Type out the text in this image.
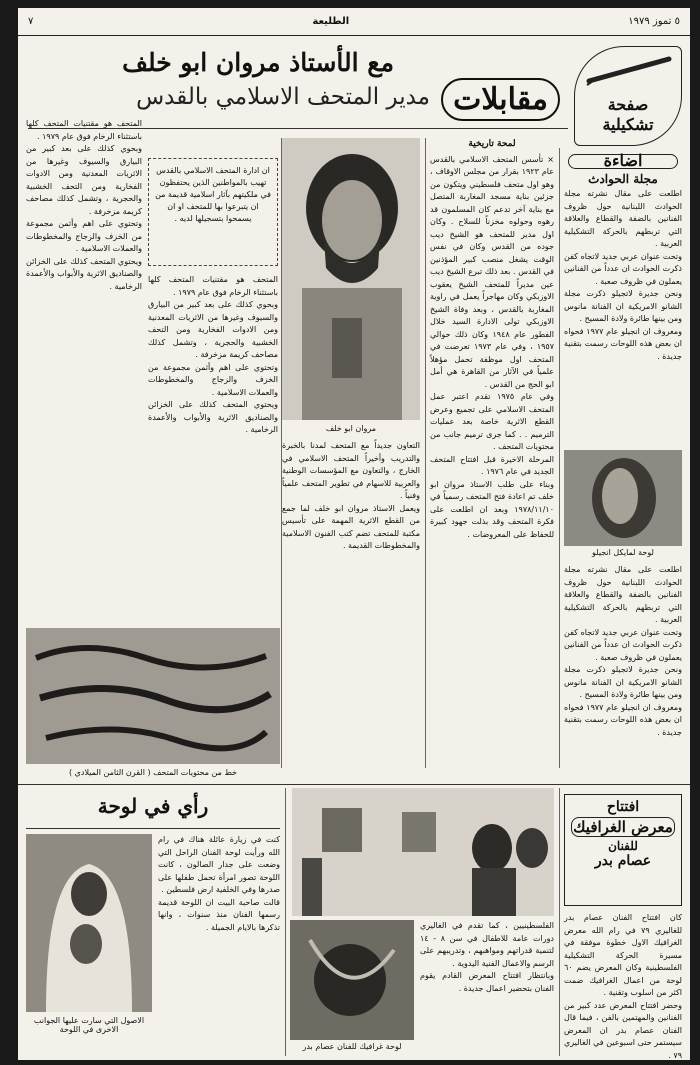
٥ تموز ١٩٧٩
الطليعة
٧
صفحة
تشكيلية
مع الأستاذ مروان ابو خلف
مدير المتحف الاسلامي بالقدس مقابلات
اضاءة
مجلة الحوادث
اطلعت على مقال نشرته مجلة الحوادث اللبنانية حول ظروف الفنانين بالضفة والقطاع والعلاقة التي تربطهم بالحركة التشكيلية العربية .
وتحت عنوان عربي جديد لاتجاه كفن ذكرت الحوادث ان عدداً من الفنانين يعملون في ظروف صعبة .
ونحن جديرة لاتجيلو ذكرت مجلة الشانو الامريكية ان الفنانة مانوس ومن بينها طائرة ولادة المسيح .
ومعروف ان انجيلو عام ١٩٧٧ فحواه ان بعض هذه اللوحات رسمت بتقنية جديدة .
لوحة لمايكل انجيلو
اطلعت على مقال نشرته مجلة الحوادث اللبنانية حول ظروف الفنانين بالضفة والقطاع والعلاقة التي تربطهم بالحركة التشكيلية العربية .
وتحت عنوان عربي جديد لاتجاه كفن ذكرت الحوادث ان عدداً من الفنانين يعملون في ظروف صعبة .
ونحن جديرة لاتجيلو ذكرت مجلة الشانو الامريكية ان الفنانة مانوس ومن بينها طائرة ولادة المسيح .
ومعروف ان انجيلو عام ١٩٧٧ فحواه ان بعض هذه اللوحات رسمت بتقنية جديدة .
لمحة تاريخية
× تأسس المتحف الاسلامي بالقدس عام ١٩٢٣ بقرار من مجلس الاوقاف ، وهو اول متحف فلسطيني ويتكون من جزئين بناية مسجد المغاربة المتصل مع بناية آخر تدعم كان المسلمون قد رهوه وحولوه مخزناً للسلاح . وكان اول مدير للمتحف هو الشيخ ديب جوده من القدس وكان في نفس الوقت يشغل منصب كبير المؤذنين في القدس . بعد ذلك تبرع الشيخ ديب عين مديراً للمتحف الشيخ يعقوب الاوزبكي وكان مهاجراً يعمل في راوية المغاربة بالقدس ، وبعد وفاة الشيخ الاوزبكي تولى الادارة السيد خلال الفطور عام ١٩٤٨ وكان ذلك حوالي ١٩٥٧ ، وفي عام ١٩٧٣ تعرضت في المتحف اول موظفة تحمل مؤهلاً علمياً في الآثار من القاهرة هي أمل ابو الحج من القدس .
وفي عام ١٩٧٥ تقدم اعتبر عمل المتحف الاسلامي على تجميع وعرض القطع الاثرية خاصة بعد عمليات الترميم . . كما جرى ترميم جانب من محتويات المتحف .
المرحلة الاخيرة قبل افتتاح المتحف الجديد في عام ١٩٧٦ .
وبناء على طلب الاستاذ مروان ابو خلف تم اعادة فتح المتحف رسمياً في ١٩٧٨/١١/١٠ وبعد ان اطلعت على فكرة المتحف وقد بذلت جهود كبيرة للحفاظ على المعروضات .
مروان ابو خلف
ان ادارة المتحف الاسلامي بالقدس تهيب بالمواطنين الذين يحتفظون في ملكيتهم بآثار اسلامية قديمة من ان يتبرعوا بها للمتحف او ان يسمحوا بتسجيلها لديه .
التعاون جديداً مع المتحف لمدنا بالخبرة والتدريب وأخيراً المتحف الاسلامي في الخارج ، والتعاون مع المؤسسات الوطنية والعربية للاسهام في تطوير المتحف علمياً وفنياً .
ويعمل الاستاذ مروان ابو خلف لما جمع من القطع الاثرية المهمة على تأسيس مكتبة للمتحف تضم كتب الفنون الاسلامية والمخطوطات القديمة .
المتحف هو مقتنيات المتحف كلها باستثناء الرخام فوق عام ١٩٧٩ .
وبحوي كذلك على بعد كبير من البيارق والسيوف وغيرها من الاثريات المعدنية ومن الادوات الفخارية ومن التحف الخشبية والحجرية ، وتشمل كذلك مصاحف كريمة مزخرفة .
وتحتوي على اهم وأثمن مجموعة من الخزف والزجاج والمخطوطات والعملات الاسلامية .
ويحتوي المتحف كذلك على الخزائن والصناديق الاثرية والأبواب والأعمدة الرخامية .
المتحف هو مقتنيات المتحف كلها باستثناء الرخام فوق عام ١٩٧٩ .
وبحوي كذلك على بعد كبير من البيارق والسيوف وغيرها من الاثريات المعدنية ومن الادوات الفخارية ومن التحف الخشبية والحجرية ، وتشمل كذلك مصاحف كريمة مزخرفة .
وتحتوي على اهم وأثمن مجموعة من الخزف والزجاج والمخطوطات والعملات الاسلامية .
ويحتوي المتحف كذلك على الخزائن والصناديق الاثرية والأبواب والأعمدة الرخامية .
خط من محتويات المتحف ( القرن الثامن الميلادي )
افتتاح
معرض الغرافيك
للفنان
عصام بدر
كان افتتاح الفنان عصام بدر للغاليري ٧٩ في رام الله معرض الغرافيك الاول خطوة موفقة في مسيرة الحركة التشكيلية الفلسطينية وكان المعرض يضم ٦٠ لوحة من اعمال الغرافيك ضمت اكثر من اسلوب وتقنية .
وحضر افتتاح المعرض عدد كبير من الفنانين والمهتمين بالفن ، فيما قال الفنان عصام بدر ان المعرض سيستمر حتى اسبوعين في الغاليري ٧٩ .
الفلسطينيين ، كما تقدم في الغاليري دورات عامة للاطفال في سن ٨ - ١٤ لتنمية قدراتهم ومواهبهم ، وتدريبهم على الرسم والاعمال الفنية اليدوية .
وبانتظار افتتاح المعرض القادم يقوم الفنان بتحضير اعمال جديدة .
لوحة غرافيك للفنان عصام بدر
رأي في لوحة
كنت في زيارة عائلة هناك في رام الله ورأيت لوحة الفنان الراحل التي وضعت على جدار الصالون ، كانت اللوحة تصور امرأة تحمل طفلها على صدرها وفي الخلفية ارض فلسطين .
قالت صاحبة البيت ان اللوحة قديمة رسمها الفنان منذ سنوات ، وانها تذكرها بالايام الجميلة .
الاصول التي سارت عليها الجوانب الاخرى في اللوحة
